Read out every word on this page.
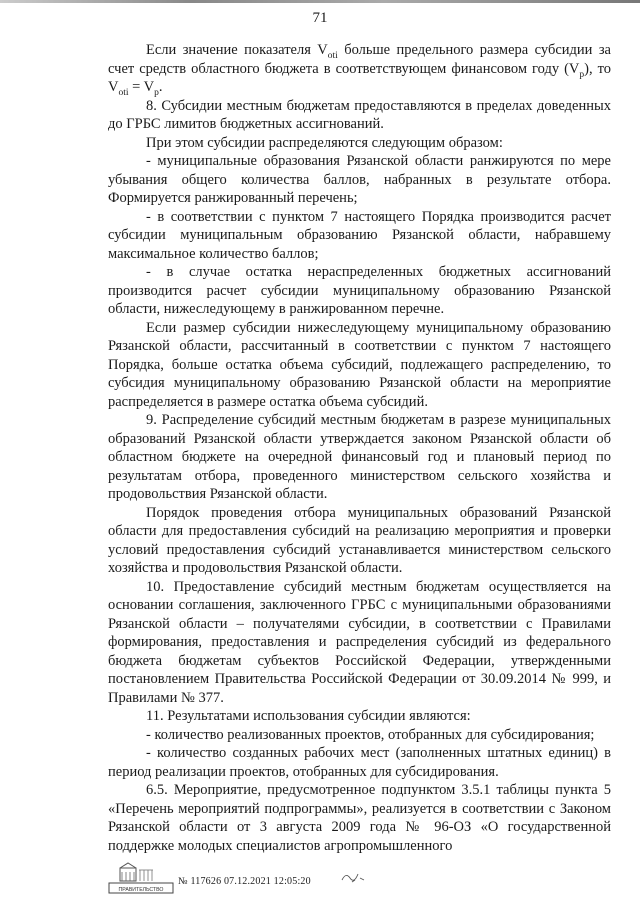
71

Если значение показателя $V_{oti}$ больше предельного размера субсидии за счет средств областного бюджета в соответствующем финансовом году $(V_p)$, то $V_{oti} = V_p$.

8. Субсидии местным бюджетам предоставляются в пределах доведенных до ГРБС лимитов бюджетных ассигнований.

При этом субсидии распределяются следующим образом:

- муниципальные образования Рязанской области ранжируются по мере убывания общего количества баллов, набранных в результате отбора. Формируется ранжированный перечень;

- в соответствии с пунктом 7 настоящего Порядка производится расчет субсидии муниципальным образованию Рязанской области, набравшему максимальное количество баллов;

- в случае остатка нераспределенных бюджетных ассигнований производится расчет субсидии муниципальному образованию Рязанской области, нижеследующему в ранжированном перечне.

Если размер субсидии нижеследующему муниципальному образованию Рязанской области, рассчитанный в соответствии с пунктом 7 настоящего Порядка, больше остатка объема субсидий, подлежащего распределению, то субсидия муниципальному образованию Рязанской области на мероприятие распределяется в размере остатка объема субсидий.

9. Распределение субсидий местным бюджетам в разрезе муниципальных образований Рязанской области утверждается законом Рязанской области об областном бюджете на очередной финансовый год и плановый период по результатам отбора, проведенного министерством сельского хозяйства и продовольствия Рязанской области.

Порядок проведения отбора муниципальных образований Рязанской области для предоставления субсидий на реализацию мероприятия и проверки условий предоставления субсидий устанавливается министерством сельского хозяйства и продовольствия Рязанской области.

10. Предоставление субсидий местным бюджетам осуществляется на основании соглашения, заключенного ГРБС с муниципальными образованиями Рязанской области – получателями субсидии, в соответствии с Правилами формирования, предоставления и распределения субсидий из федерального бюджета бюджетам субъектов Российской Федерации, утвержденными постановлением Правительства Российской Федерации от 30.09.2014 № 999, и Правилами № 377.

11. Результатами использования субсидии являются:

- количество реализованных проектов, отобранных для субсидирования;

- количество созданных рабочих мест (заполненных штатных единиц) в период реализации проектов, отобранных для субсидирования.

6.5. Мероприятие, предусмотренное подпунктом 3.5.1 таблицы пункта 5 «Перечень мероприятий подпрограммы», реализуется в соответствии с Законом Рязанской области от 3 августа 2009 года № 96-ОЗ «О государственной поддержке молодых специалистов агропромышленного

ПРАВИТЕЛЬСТВО
№ 117626 07.12.2021 12:05:20
